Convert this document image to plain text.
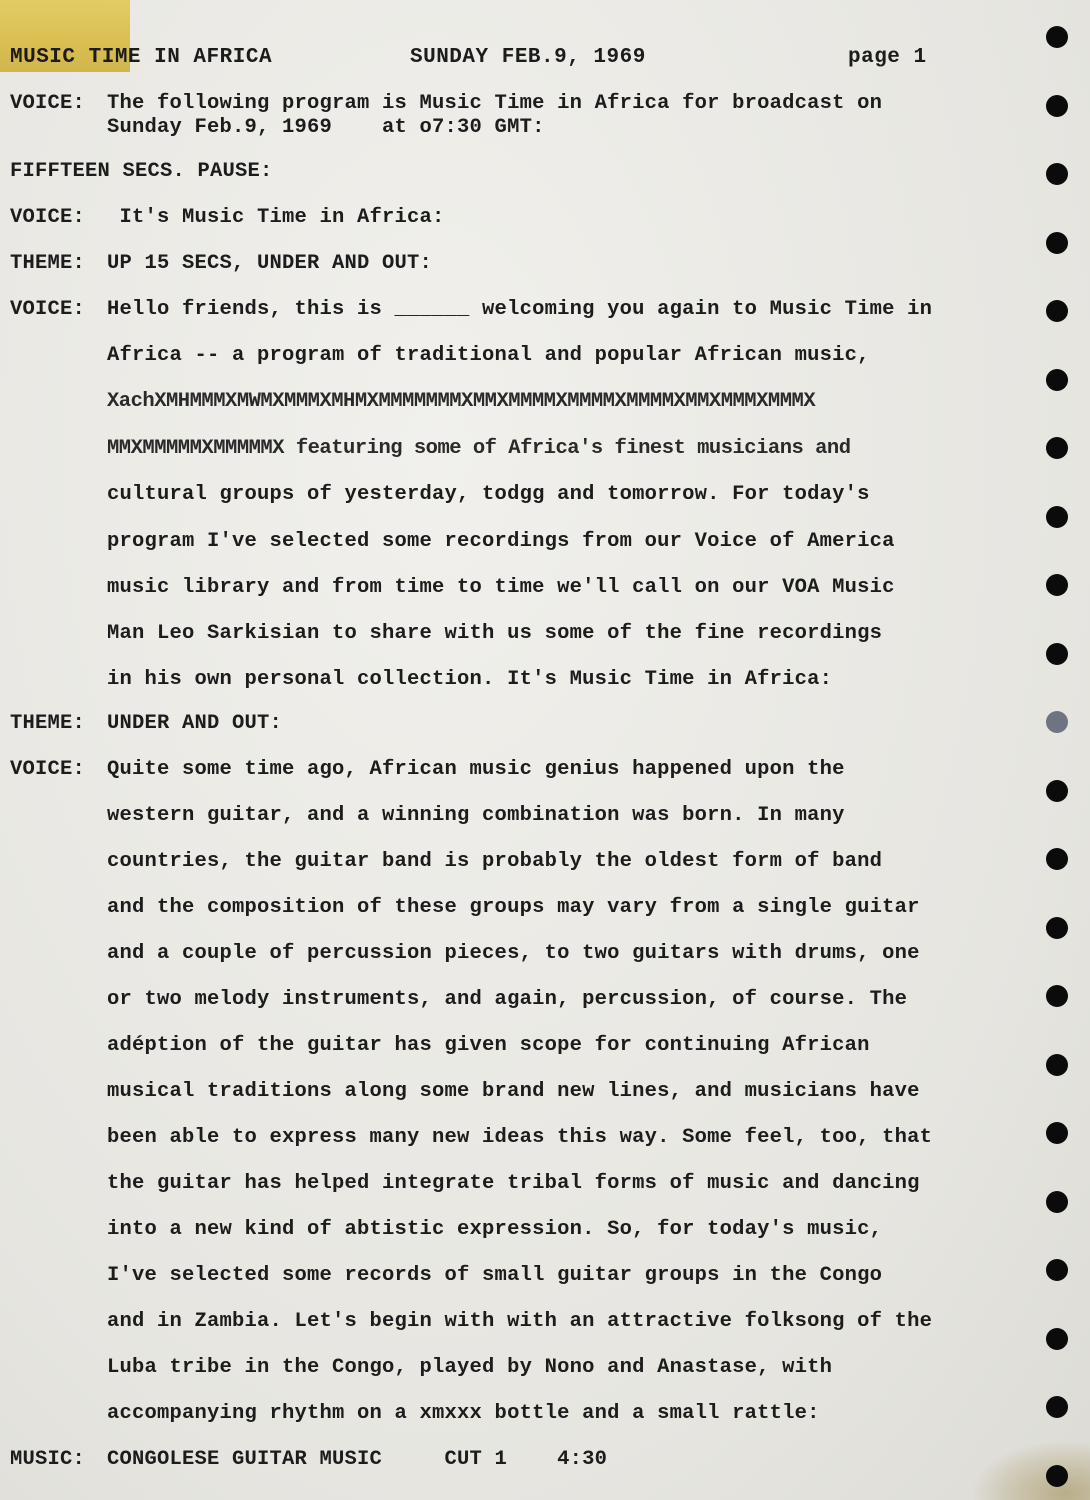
MUSIC TIME IN AFRICA	SUNDAY FEB.9, 1969	page 1
VOICE: The following program is Music Time in Africa for broadcast on
Sunday Feb.9, 1969    at o7:30 GMT:
FIFFTEEN SECS. PAUSE:
VOICE: It's Music Time in Africa:
THEME: UP 15 SECS, UNDER AND OUT:
VOICE: Hello friends, this is ______ welcoming you again to Music Time in
Africa -- a program of traditional and popular African music,
XachXMHMMMXMWMXMMMXMHMXMMMMMMMXMMXMMMMXMMMMXMMMMXMMXMMMXMMMX
MMXMMMMMXMMMMMX featuring some of Africa's finest musicians and
cultural groups of yesterday, todgg and tomorrow. For today's
program I've selected some recordings from our Voice of America
music library and from time to time we'll call on our VOA Music
Man Leo Sarkisian to share with us some of the fine recordings
in his own personal collection. It's Music Time in Africa:
THEME: UNDER AND OUT:
VOICE: Quite some time ago, African music genius happened upon the
western guitar, and a winning combination was born. In many
countries, the guitar band is probably the oldest form of band
and the composition of these groups may vary from a single guitar
and a couple of percussion pieces, to two guitars with drums, one
or two melody instruments, and again, percussion, of course. The
adéption of the guitar has given scope for continuing African
musical traditions along some brand new lines, and musicians have
been able to express many new ideas this way. Some feel, too, that
the guitar has helped integrate tribal forms of music and dancing
into a new kind of abtistic expression. So, for today's music,
I've selected some records of small guitar groups in the Congo
and in Zambia. Let's begin with with an attractive folksong of the
Luba tribe in the Congo, played by Nono and Anastase, with
accompanying rhythm on a xmxxx bottle and a small rattle:
MUSIC: CONGOLESE GUITAR MUSIC     CUT 1    4:30
